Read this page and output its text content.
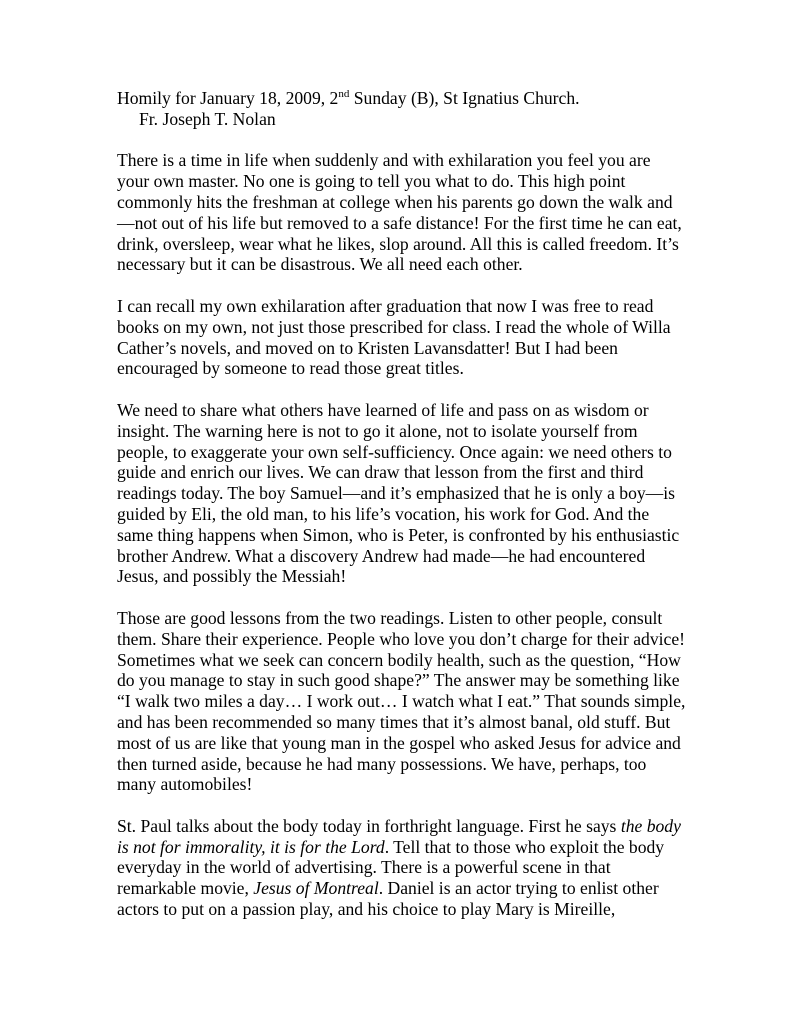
Homily for January 18, 2009, 2nd Sunday (B), St Ignatius Church.

Fr. Joseph T. Nolan

There is a time in life when suddenly and with exhilaration you feel you are your own master. No one is going to tell you what to do. This high point commonly hits the freshman at college when his parents go down the walk and—not out of his life but removed to a safe distance! For the first time he can eat, drink, oversleep, wear what he likes, slop around. All this is called freedom. It’s necessary but it can be disastrous. We all need each other.

I can recall my own exhilaration after graduation that now I was free to read books on my own, not just those prescribed for class. I read the whole of Willa Cather’s novels, and moved on to Kristen Lavansdatter! But I had been encouraged by someone to read those great titles.

We need to share what others have learned of life and pass on as wisdom or insight. The warning here is not to go it alone, not to isolate yourself from people, to exaggerate your own self-sufficiency. Once again: we need others to guide and enrich our lives. We can draw that lesson from the first and third readings today. The boy Samuel—and it’s emphasized that he is only a boy—is guided by Eli, the old man, to his life’s vocation, his work for God. And the same thing happens when Simon, who is Peter, is confronted by his enthusiastic brother Andrew. What a discovery Andrew had made—he had encountered Jesus, and possibly the Messiah!

Those are good lessons from the two readings. Listen to other people, consult them. Share their experience. People who love you don’t charge for their advice! Sometimes what we seek can concern bodily health, such as the question, “How do you manage to stay in such good shape?” The answer may be something like “I walk two miles a day… I work out… I watch what I eat.” That sounds simple, and has been recommended so many times that it’s almost banal, old stuff. But most of us are like that young man in the gospel who asked Jesus for advice and then turned aside, because he had many possessions. We have, perhaps, too many automobiles!

St. Paul talks about the body today in forthright language. First he says the body is not for immorality, it is for the Lord. Tell that to those who exploit the body everyday in the world of advertising. There is a powerful scene in that remarkable movie, Jesus of Montreal. Daniel is an actor trying to enlist other actors to put on a passion play, and his choice to play Mary is Mireille,
